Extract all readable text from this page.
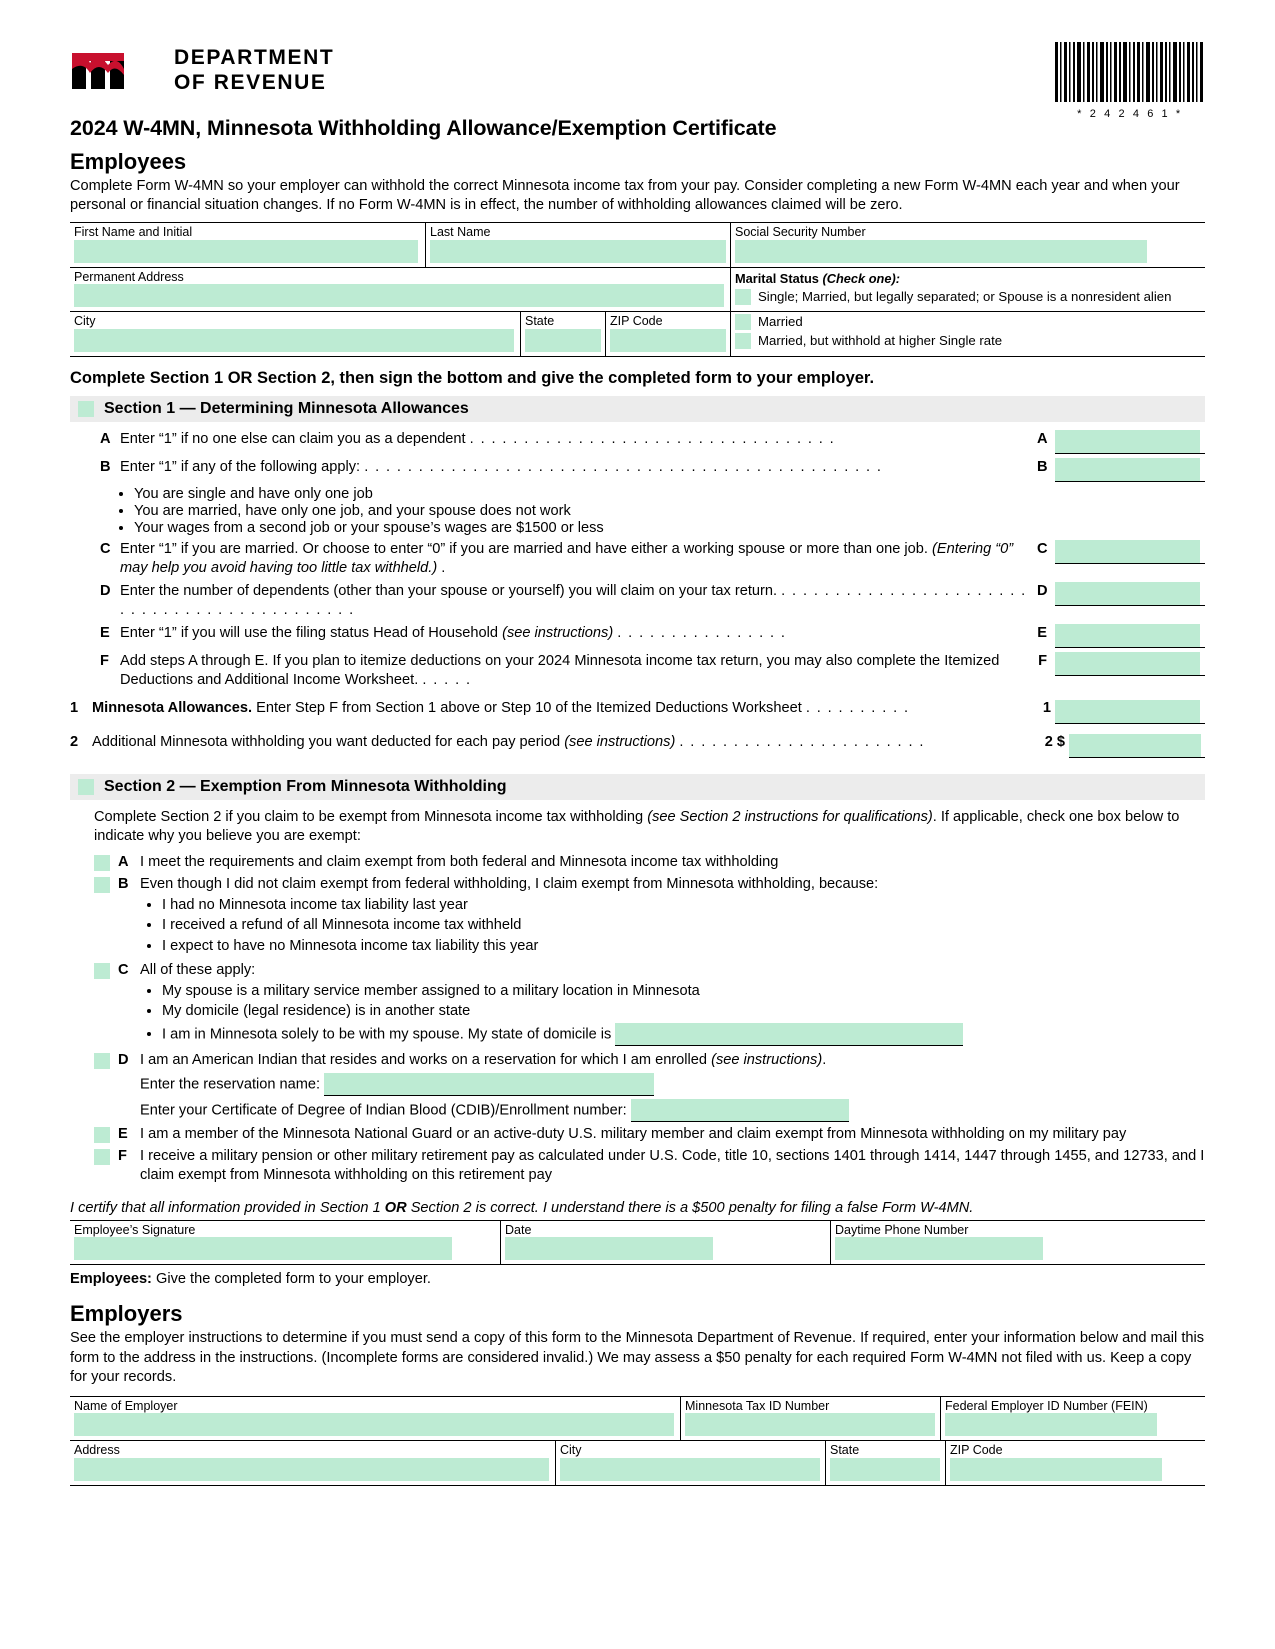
DEPARTMENT
OF REVENUE
* 2 4 2 4 6 1 *
2024 W-4MN, Minnesota Withholding Allowance/Exemption Certificate
Employees

Complete Form W-4MN so your employer can withhold the correct Minnesota income tax from your pay. Consider completing a new Form W-4MN each year and when your personal or financial situation changes. If no Form W-4MN is in effect, the number of withholding allowances claimed will be zero.

First Name and Initial	Last Name	Social Security Number
Permanent Address	Marital Status (Check one):
Single; Married, but legally separated; or Spouse is a nonresident alien
City	State	ZIP Code	Married
Married, but withhold at higher Single rate
Complete Section 1 OR Section 2, then sign the bottom and give the completed form to your employer.
Section 1 — Determining Minnesota Allowances
A Enter “1” if no one else can claim you as a dependent . . . . . . . . . . . . . . . . . . . . . . . . . . . . . . . . . .	A
B Enter “1” if any of the following apply: . . . . . . . . . . . . . . . . . . . . . . . . . . . . . . . . . . . . . . . . . . . . . . . .	B
• You are single and have only one job
• You are married, have only one job, and your spouse does not work
• Your wages from a second job or your spouse’s wages are $1500 or less
C Enter “1” if you are married. Or choose to enter “0” if you are married and have either a working spouse or more than one job. (Entering “0” may help you avoid having too little tax withheld.) .
C
D Enter the number of dependents (other than your spouse or yourself) you will claim on your tax return. . . . . . . . . . . . . . . . . . . . . . . . . . . . . . . . . . . . . . . . . . . . . .
D
E Enter “1” if you will use the filing status Head of Household (see instructions) . . . . . . . . . . . . . . . .	E
F Add steps A through E. If you plan to itemize deductions on your 2024 Minnesota income tax return, you may also complete the Itemized Deductions and Additional Income Worksheet. . . . . .
F
1 Minnesota Allowances. Enter Step F from Section 1 above or Step 10 of the Itemized Deductions Worksheet . . . . . . . . . .	1
2 Additional Minnesota withholding you want deducted for each pay period (see instructions) . . . . . . . . . . . . . . . . . . . . . . .	2 $
Section 2 — Exemption From Minnesota Withholding
Complete Section 2 if you claim to be exempt from Minnesota income tax withholding (see Section 2 instructions for qualifications). If applicable, check one box below to indicate why you believe you are exempt:
A I meet the requirements and claim exempt from both federal and Minnesota income tax withholding
B Even though I did not claim exempt from federal withholding, I claim exempt from Minnesota withholding, because:
• I had no Minnesota income tax liability last year
• I received a refund of all Minnesota income tax withheld
• I expect to have no Minnesota income tax liability this year
C All of these apply:
• My spouse is a military service member assigned to a military location in Minnesota
• My domicile (legal residence) is in another state
• I am in Minnesota solely to be with my spouse. My state of domicile is
D I am an American Indian that resides and works on a reservation for which I am enrolled (see instructions).
Enter the reservation name:
Enter your Certificate of Degree of Indian Blood (CDIB)/Enrollment number:
E I am a member of the Minnesota National Guard or an active-duty U.S. military member and claim exempt from Minnesota withholding on my military pay
F I receive a military pension or other military retirement pay as calculated under U.S. Code, title 10, sections 1401 through 1414, 1447 through 1455, and 12733, and I claim exempt from Minnesota withholding on this retirement pay
I certify that all information provided in Section 1 OR Section 2 is correct. I understand there is a $500 penalty for filing a false Form W-4MN.
Employee’s Signature	Date	Daytime Phone Number
Employees: Give the completed form to your employer.
Employers

See the employer instructions to determine if you must send a copy of this form to the Minnesota Department of Revenue. If required, enter your information below and mail this form to the address in the instructions. (Incomplete forms are considered invalid.) We may assess a $50 penalty for each required Form W-4MN not filed with us. Keep a copy for your records.

Name of Employer	Minnesota Tax ID Number	Federal Employer ID Number (FEIN)
Address	City	State	ZIP Code
